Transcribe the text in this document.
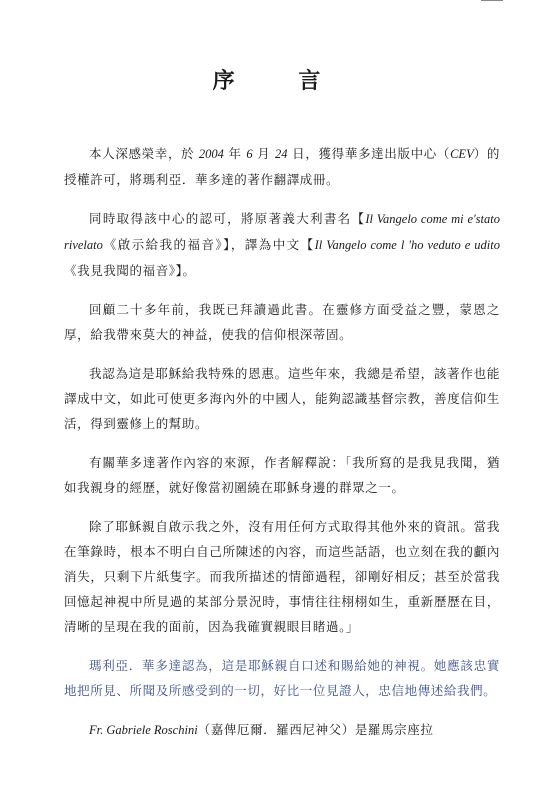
序 言

本人深感榮幸，於 2004 年 6 月 24 日，獲得華多達出版中心（CEV）的授權許可，將瑪利亞．華多達的著作翻譯成冊。

同時取得該中心的認可，將原著義大利書名【Il Vangelo come mi e'stato rivelato《啟示給我的福音》】，譯為中文【Il Vangelo come l 'ho veduto e udito《我見我聞的福音》】。

回顧二十多年前，我既已拜讀過此書。在靈修方面受益之豐，蒙恩之厚，給我帶來莫大的神益，使我的信仰根深蒂固。

我認為這是耶穌給我特殊的恩惠。這些年來，我總是希望，該著作也能譯成中文，如此可使更多海內外的中國人，能夠認識基督宗教，善度信仰生活，得到靈修上的幫助。

有關華多達著作內容的來源，作者解釋說：「我所寫的是我見我聞，猶如我親身的經歷，就好像當初圍繞在耶穌身邊的群眾之一。

除了耶穌親自啟示我之外，沒有用任何方式取得其他外來的資訊。當我在筆錄時，根本不明白自己所陳述的內容，而這些話語，也立刻在我的顱內消失，只剩下片紙隻字。而我所描述的情節過程，卻剛好相反；甚至於當我回憶起神視中所見過的某部分景況時，事情往往栩栩如生，重新歷歷在目，清晰的呈現在我的面前，因為我確實親眼目睹過。」

瑪利亞．華多達認為，這是耶穌親自口述和賜給她的神視。她應該忠實地把所見、所聞及所感受到的一切，好比一位見證人，忠信地傳述給我們。

Fr. Gabriele Roschini（嘉俾厄爾．羅西尼神父）是羅馬宗座拉
